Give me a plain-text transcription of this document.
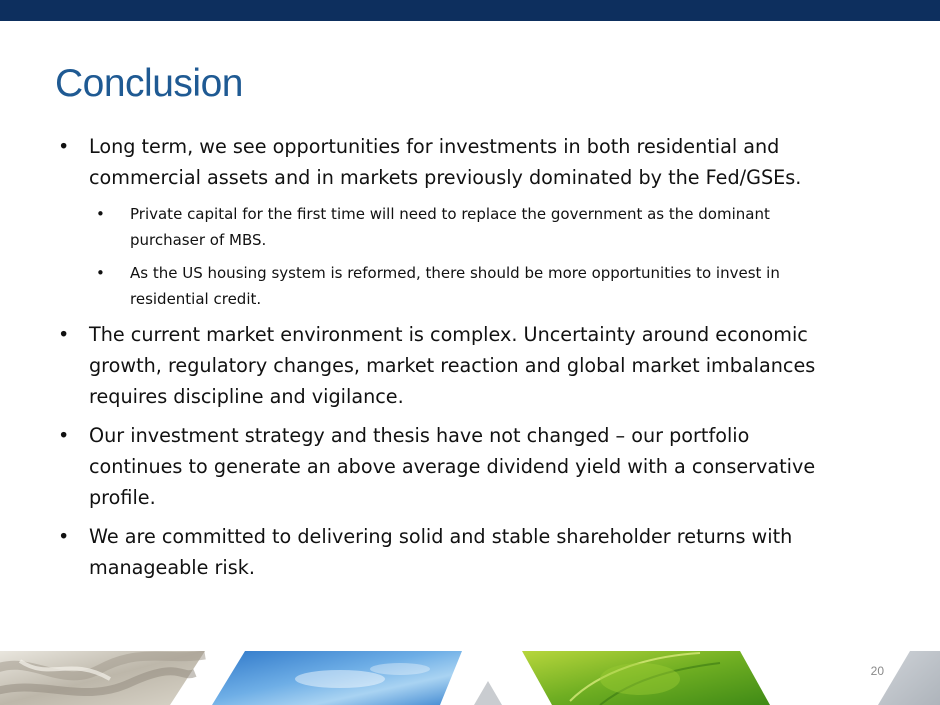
Conclusion
• Long term, we see opportunities for investments in both residential and commercial assets and in markets previously dominated by the Fed/GSEs.
• Private capital for the first time will need to replace the government as the dominant purchaser of MBS.
• As the US housing system is reformed, there should be more opportunities to invest in residential credit.
• The current market environment is complex. Uncertainty around economic growth, regulatory changes, market reaction and global market imbalances requires discipline and vigilance.
• Our investment strategy and thesis have not changed – our portfolio continues to generate an above average dividend yield with a conservative profile.
• We are committed to delivering solid and stable shareholder returns with manageable risk.
20
